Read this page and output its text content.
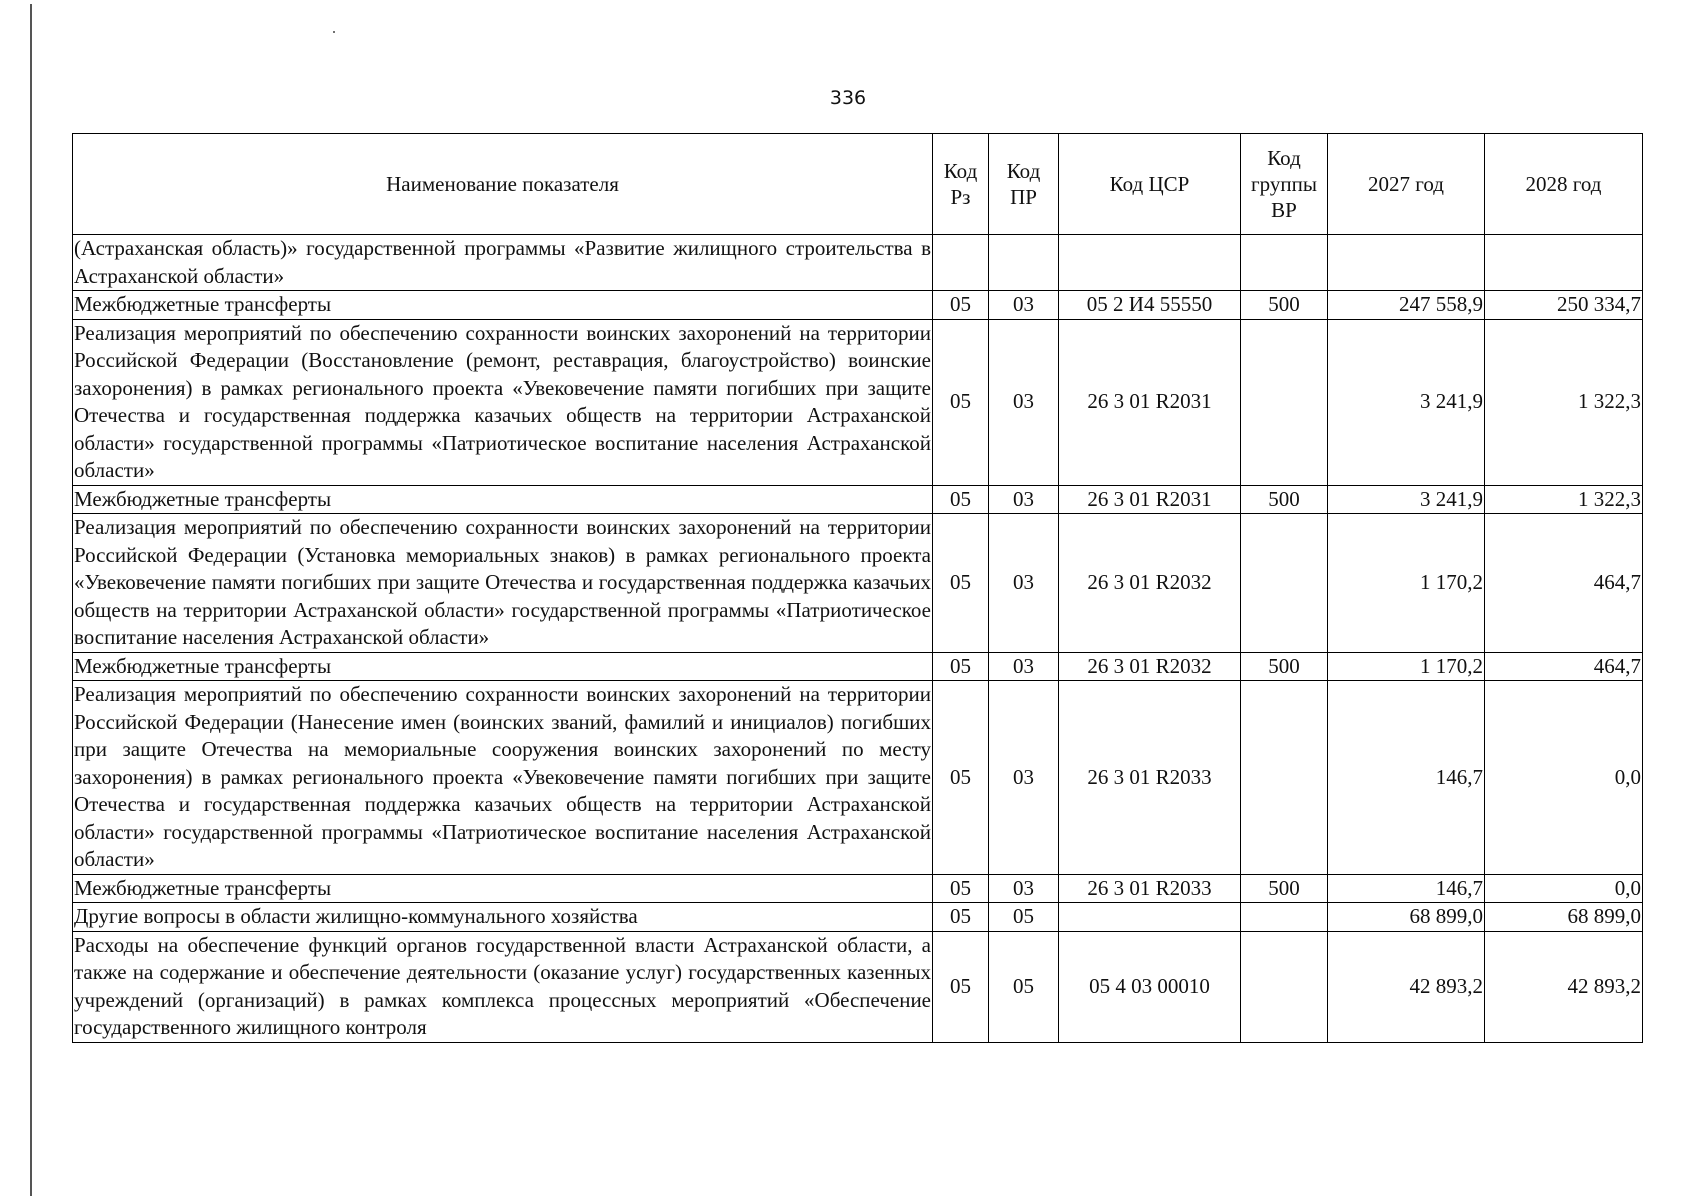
336
Наименование показателя	Код Рз	Код ПР	Код ЦСР	Код группы ВР	2027 год	2028 год
(Астраханская область)» государственной программы «Развитие жилищного строительства в Астраханской области»						
Межбюджетные трансферты	05	03	05 2 И4 55550	500	247 558,9	250 334,7
Реализация мероприятий по обеспечению сохранности воинских захоронений на территории Российской Федерации (Восстановление (ремонт, реставрация, благоустройство) воинские захоронения) в рамках регионального проекта «Увековечение памяти погибших при защите Отечества и государственная поддержка казачьих обществ на территории Астраханской области» государственной программы «Патриотическое воспитание населения Астраханской области»	05	03	26 3 01 R2031		3 241,9	1 322,3
Межбюджетные трансферты	05	03	26 3 01 R2031	500	3 241,9	1 322,3
Реализация мероприятий по обеспечению сохранности воинских захоронений на территории Российской Федерации (Установка мемориальных знаков) в рамках регионального проекта «Увековечение памяти погибших при защите Отечества и государственная поддержка казачьих обществ на территории Астраханской области» государственной программы «Патриотическое воспитание населения Астраханской области»	05	03	26 3 01 R2032		1 170,2	464,7
Межбюджетные трансферты	05	03	26 3 01 R2032	500	1 170,2	464,7
Реализация мероприятий по обеспечению сохранности воинских захоронений на территории Российской Федерации (Нанесение имен (воинских званий, фамилий и инициалов) погибших при защите Отечества на мемориальные сооружения воинских захоронений по месту захоронения) в рамках регионального проекта «Увековечение памяти погибших при защите Отечества и государственная поддержка казачьих обществ на территории Астраханской области» государственной программы «Патриотическое воспитание населения Астраханской области»	05	03	26 3 01 R2033		146,7	0,0
Межбюджетные трансферты	05	03	26 3 01 R2033	500	146,7	0,0
Другие вопросы в области жилищно-коммунального хозяйства	05	05			68 899,0	68 899,0
Расходы на обеспечение функций органов государственной власти Астраханской области, а также на содержание и обеспечение деятельности (оказание услуг) государственных казенных учреждений (организаций) в рамках комплекса процессных мероприятий «Обеспечение государственного жилищного контроля	05	05	05 4 03 00010		42 893,2	42 893,2
